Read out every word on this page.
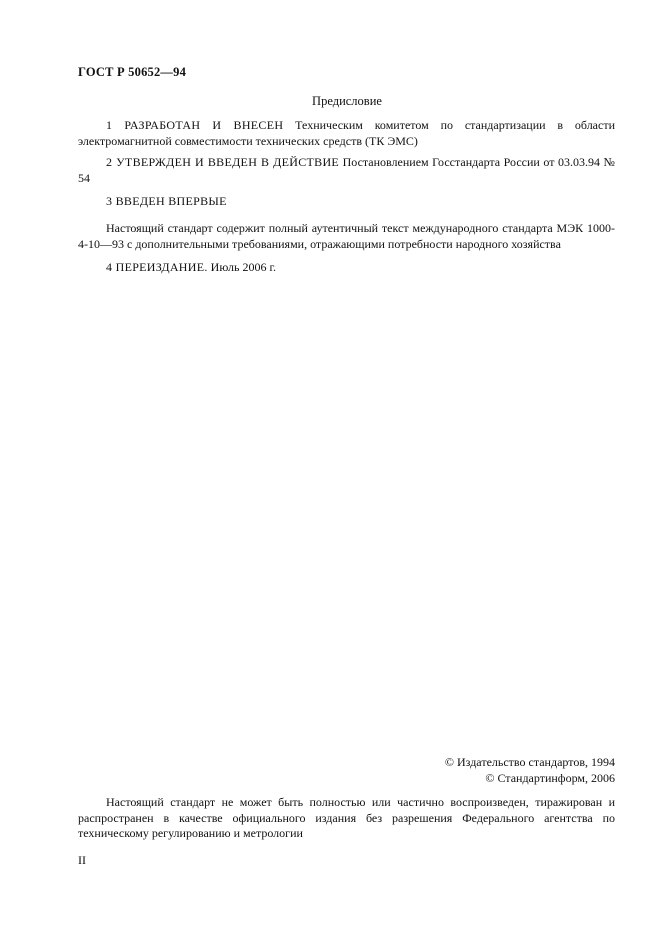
ГОСТ Р 50652—94
Предисловие

1 РАЗРАБОТАН И ВНЕСЕН Техническим комитетом по стандартизации в области электромагнитной совместимости технических средств (ТК ЭМС)

2 УТВЕРЖДЕН И ВВЕДЕН В ДЕЙСТВИЕ Постановлением Госстандарта России от 03.03.94 № 54

3 ВВЕДЕН ВПЕРВЫЕ

Настоящий стандарт содержит полный аутентичный текст международного стандарта МЭК 1000-4-10—93 с дополнительными требованиями, отражающими потребности народного хозяйства

4 ПЕРЕИЗДАНИЕ. Июль 2006 г.

© Издательство стандартов, 1994
© Стандартинформ, 2006

Настоящий стандарт не может быть полностью или частично воспроизведен, тиражирован и распространен в качестве официального издания без разрешения Федерального агентства по техническому регулированию и метрологии

II
